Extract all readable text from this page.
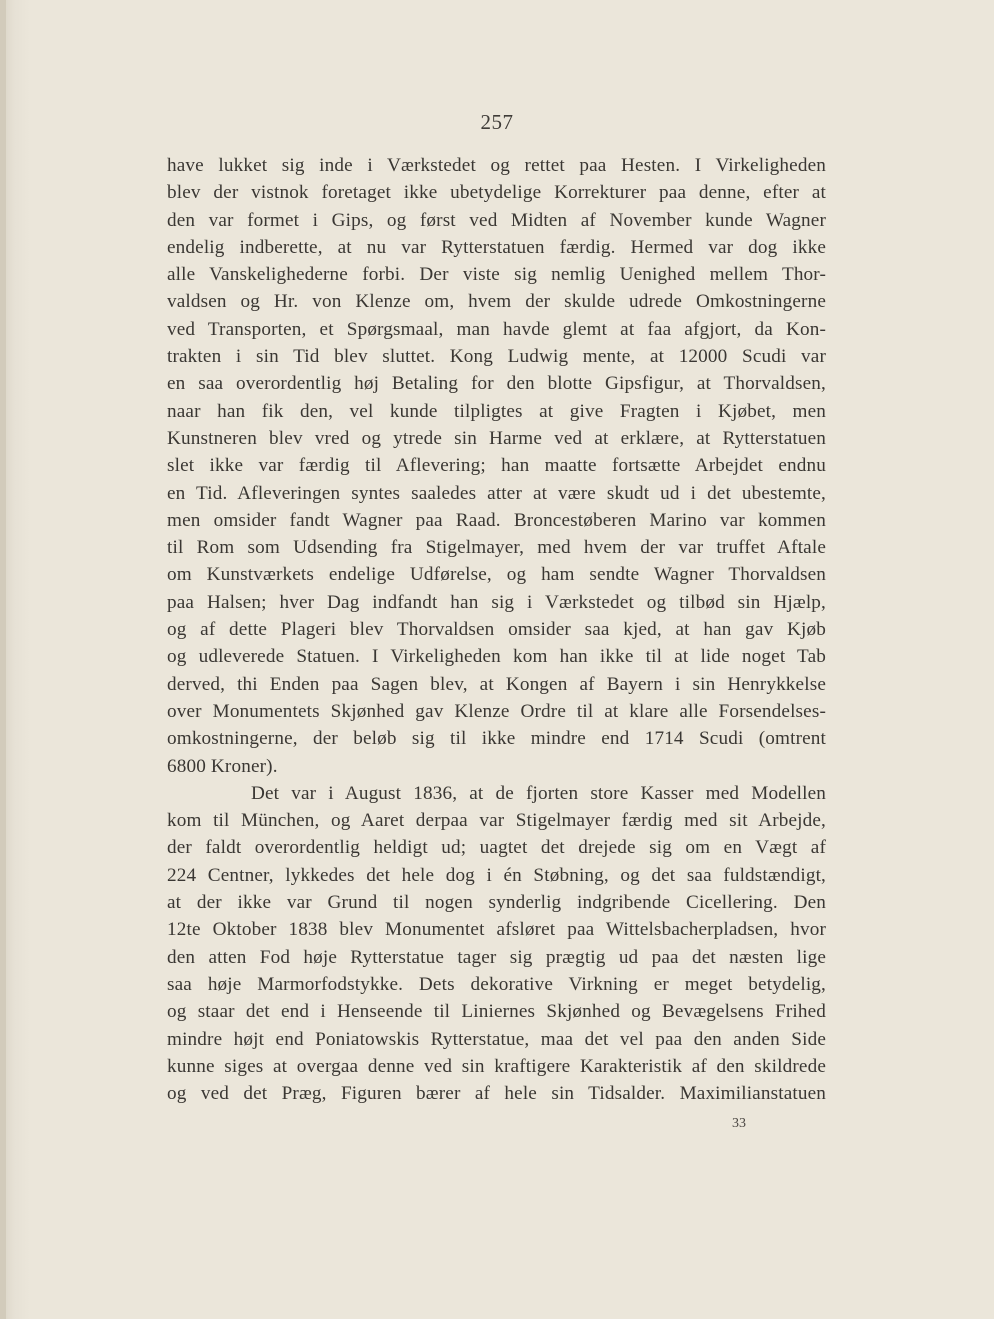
257
have lukket sig inde i Værkstedet og rettet paa Hesten. I Virkeligheden
blev der vistnok foretaget ikke ubetydelige Korrekturer paa denne, efter at
den var formet i Gips, og først ved Midten af November kunde Wagner
endelig indberette, at nu var Rytterstatuen færdig. Hermed var dog ikke
alle Vanskelighederne forbi. Der viste sig nemlig Uenighed mellem Thor-
valdsen og Hr. von Klenze om, hvem der skulde udrede Omkostningerne
ved Transporten, et Spørgsmaal, man havde glemt at faa afgjort, da Kon-
trakten i sin Tid blev sluttet. Kong Ludwig mente, at 12000 Scudi var
en saa overordentlig høj Betaling for den blotte Gipsfigur, at Thorvaldsen,
naar han fik den, vel kunde tilpligtes at give Fragten i Kjøbet, men
Kunstneren blev vred og ytrede sin Harme ved at erklære, at Rytterstatuen
slet ikke var færdig til Aflevering; han maatte fortsætte Arbejdet endnu
en Tid. Afleveringen syntes saaledes atter at være skudt ud i det ubestemte,
men omsider fandt Wagner paa Raad. Broncestøberen Marino var kommen
til Rom som Udsending fra Stigelmayer, med hvem der var truffet Aftale
om Kunstværkets endelige Udførelse, og ham sendte Wagner Thorvaldsen
paa Halsen; hver Dag indfandt han sig i Værkstedet og tilbød sin Hjælp,
og af dette Plageri blev Thorvaldsen omsider saa kjed, at han gav Kjøb
og udleverede Statuen. I Virkeligheden kom han ikke til at lide noget Tab
derved, thi Enden paa Sagen blev, at Kongen af Bayern i sin Henrykkelse
over Monumentets Skjønhed gav Klenze Ordre til at klare alle Forsendelses-
omkostningerne, der beløb sig til ikke mindre end 1714 Scudi (omtrent
6800 Kroner).
Det var i August 1836, at de fjorten store Kasser med Modellen
kom til München, og Aaret derpaa var Stigelmayer færdig med sit Arbejde,
der faldt overordentlig heldigt ud; uagtet det drejede sig om en Vægt af
224 Centner, lykkedes det hele dog i én Støbning, og det saa fuldstændigt,
at der ikke var Grund til nogen synderlig indgribende Cicellering. Den
12te Oktober 1838 blev Monumentet afsløret paa Wittelsbacherpladsen, hvor
den atten Fod høje Rytterstatue tager sig prægtig ud paa det næsten lige
saa høje Marmorfodstykke. Dets dekorative Virkning er meget betydelig,
og staar det end i Henseende til Liniernes Skjønhed og Bevægelsens Frihed
mindre højt end Poniatowskis Rytterstatue, maa det vel paa den anden Side
kunne siges at overgaa denne ved sin kraftigere Karakteristik af den skildrede
og ved det Præg, Figuren bærer af hele sin Tidsalder. Maximilianstatuen
33
